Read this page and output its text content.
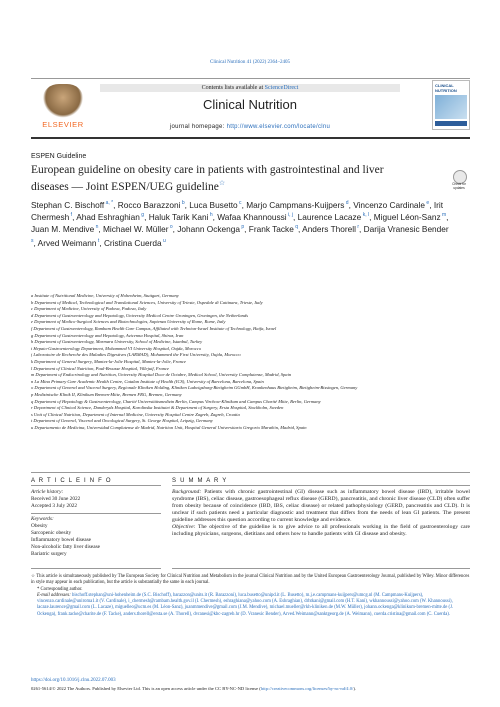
Clinical Nutrition 41 (2022) 2364–2405
ELSEVIER
Contents lists available at ScienceDirect
Clinical Nutrition
journal homepage: http://www.elsevier.com/locate/clnu
CLINICAL NUTRITION
ESPEN Guideline
European guideline on obesity care in patients with gastrointestinal and liver diseases — Joint ESPEN/UEG guideline☆	Check for updates
Stephan C. Bischoff $^{a, *}$, Rocco Barazzoni $^b$, Luca Busetto $^c$, Marjo Campmans-Kuijpers $^d$, Vincenzo Cardinale $^e$, Irit Chermesh $^f$, Ahad Eshraghian $^g$, Haluk Tarik Kani $^h$, Wafaa Khannoussi $^{i, j}$, Laurence Lacaze $^{k, l}$, Miguel Léon-Sanz $^m$, Juan M. Mendive $^n$, Michael W. Müller $^o$, Johann Ockenga $^p$, Frank Tacke $^q$, Anders Thorell $^r$, Darija Vranesic Bender $^s$, Arved Weimann $^t$, Cristina Cuerda $^u$
a Institute of Nutritional Medicine, University of Hohenheim, Stuttgart, Germany
b Department of Medical, Technological and Translational Sciences, University of Trieste, Ospedale di Cattinara, Trieste, Italy
c Department of Medicine, University of Padova, Padova, Italy
d Department of Gastroenterology and Hepatology, University Medical Centre Groningen, Groningen, the Netherlands
e Department of Medico-Surgical Sciences and Biotechnologies, Sapienza University of Rome, Rome, Italy
f Department of Gastroenterology, Rambam Health Care Campus, Affiliated with Technion-Israel Institute of Technology, Haifa, Israel
g Department of Gastroenterology and Hepatology, Avicenna Hospital, Shiraz, Iran
h Department of Gastroenterology, Marmara University, School of Medicine, Istanbul, Turkey
i Hepato-Gastroenterology Department, Mohammed VI University Hospital, Oujda, Morocco
j Laboratoire de Recherche des Maladies Digestives (LARMAD), Mohammed the First University, Oujda, Morocco
k Department of General Surgery, Mantes-la-Jolie Hospital, Mantes-la-Jolie, France
l Department of Clinical Nutrition, Paul-Brousse Hospital, Villejuif, France
m Department of Endocrinology and Nutrition, University Hospital Doce de Octubre, Medical School, University Complutense, Madrid, Spain
n La Mina Primary Care Academic Health Centre, Catalan Institute of Health (ICS), University of Barcelona, Barcelona, Spain
o Department of General and Visceral Surgery, Regionale Kliniken Holding, Kliniken Ludwigsburg-Bietigheim GGmbH, Krankenhaus Bietigheim, Bietigheim-Bissingen, Germany
p Medizinische Klinik II, Klinikum Bremen-Mitte, Bremen FRG, Bremen, Germany
q Department of Hepatology & Gastroenterology, Charité Universitätsmedizin Berlin, Campus Virchow-Klinikum and Campus Charité Mitte, Berlin, Germany
r Department of Clinical Science, Danderyds Hospital, Karolinska Institutet & Department of Surgery, Ersta Hospital, Stockholm, Sweden
s Unit of Clinical Nutrition, Department of Internal Medicine, University Hospital Centre Zagreb, Zagreb, Croatia
t Department of General, Visceral and Oncological Surgery, St. George Hospital, Leipzig, Germany
u Departamento de Medicina, Universidad Complutense de Madrid, Nutrition Unit, Hospital General Universitario Gregorio Marañón, Madrid, Spain
A R T I C L E I N F O	S U M M A R Y
Article history:
Received 30 June 2022
Accepted 3 July 2022
Keywords:
Obesity
Sarcopenic obesity
Inflammatory bowel disease
Non-alcoholic fatty liver disease
Bariatric surgery
Background: Patients with chronic gastrointestinal (GI) disease such as inflammatory bowel disease (IBD), irritable bowel syndrome (IBS), celiac disease, gastroesophageal reflux disease (GERD), pancreatitis, and chronic liver disease (CLD) often suffer from obesity because of coincidence (IBD, IBS, celiac disease) or related pathophysiology (GERD, pancreatitis and CLD). It is unclear if such patients need a particular diagnostic and treatment that differs from the needs of lean GI patients. The present guideline addresses this question according to current knowledge and evidence.
Objective: The objective of the guideline is to give advice to all professionals working in the field of gastroenterology care including physicians, surgeons, dietitians and others how to handle patients with GI disease and obesity.
☆ This article is simultaneously published by The European Society for Clinical Nutrition and Metabolism in the journal Clinical Nutrition and by the United European Gastroenterology Journal, published by Wiley. Minor differences in style may appear in each publication, but the article is substantially the same in each journal.
* Corresponding author.
E-mail addresses: bischoff.stephan@uni-hohenheim.de (S.C. Bischoff), barazzon@units.it (R. Barazzoni), luca.busetto@unipd.it (L. Busetto), m.j.e.campmans-kuijpers@umcg.nl (M. Campmans-Kuijpers), vincenzo.cardinale@uniroma1.it (V. Cardinale), i_chermesh@rambam.health.gov.il (I. Chermesh), eshraghiana@yahoo.com (A. Eshraghian), drhtkani@gmail.com (H.T. Kani), wkhannoussi@yahoo.com (W. Khannoussi), lacaze.laurence@gmail.com (L. Lacaze), miguelleo@ucm.es (M. Léon-Sanz), juanmmendive@gmail.com (J.M. Mendive), michael.mueller@rkh-kliniken.de (M.W. Müller), johann.ockenga@klinikum-bremen-mitte.de (J. Ockenga), frank.tacke@charite.de (F. Tacke), anders.thorell@ersta.se (A. Thorell), dvranesi@kbc-zagreb.hr (D. Vranesic Bender), Arved.Weimann@sanktgeorg.de (A. Weimann), cuerda.cristina@gmail.com (C. Cuerda).
https://doi.org/10.1016/j.clnu.2022.07.003
0261-5614/© 2022 The Authors. Published by Elsevier Ltd. This is an open access article under the CC BY-NC-ND license (http://creativecommons.org/licenses/by-nc-nd/4.0/).
